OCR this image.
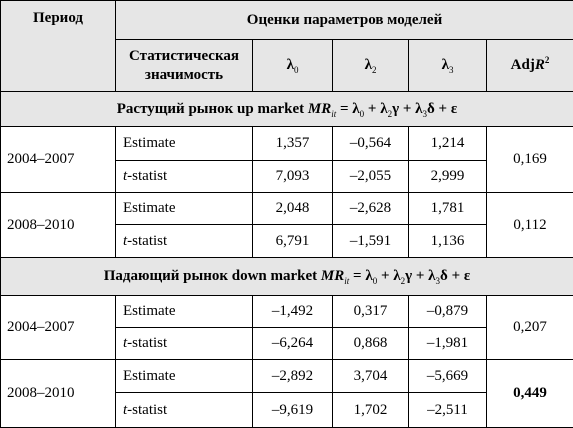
Период	Оценки параметров моделей				
	Статистическая
значимость	$\lambda_0$	$\lambda_2$	$\lambda_3$	AdjR$^2$
Растущий рынок up market $MR_{it} = \lambda_0 + \lambda_2\gamma + \lambda_3\delta + \varepsilon$					
2004–2007	Estimate	1,357	–0,564	1,214	0,169
	t-statist	7,093	–2,055	2,999	
2008–2010	Estimate	2,048	–2,628	1,781	0,112
	t-statist	6,791	–1,591	1,136	
Падающий рынок down market $MR_{it} = \lambda_0 + \lambda_2\gamma + \lambda_3\delta + \varepsilon$					
2004–2007	Estimate	–1,492	0,317	–0,879	0,207
	t-statist	–6,264	0,868	–1,981	
2008–2010	Estimate	–2,892	3,704	–5,669	0,449
	t-statist	–9,619	1,702	–2,511	
